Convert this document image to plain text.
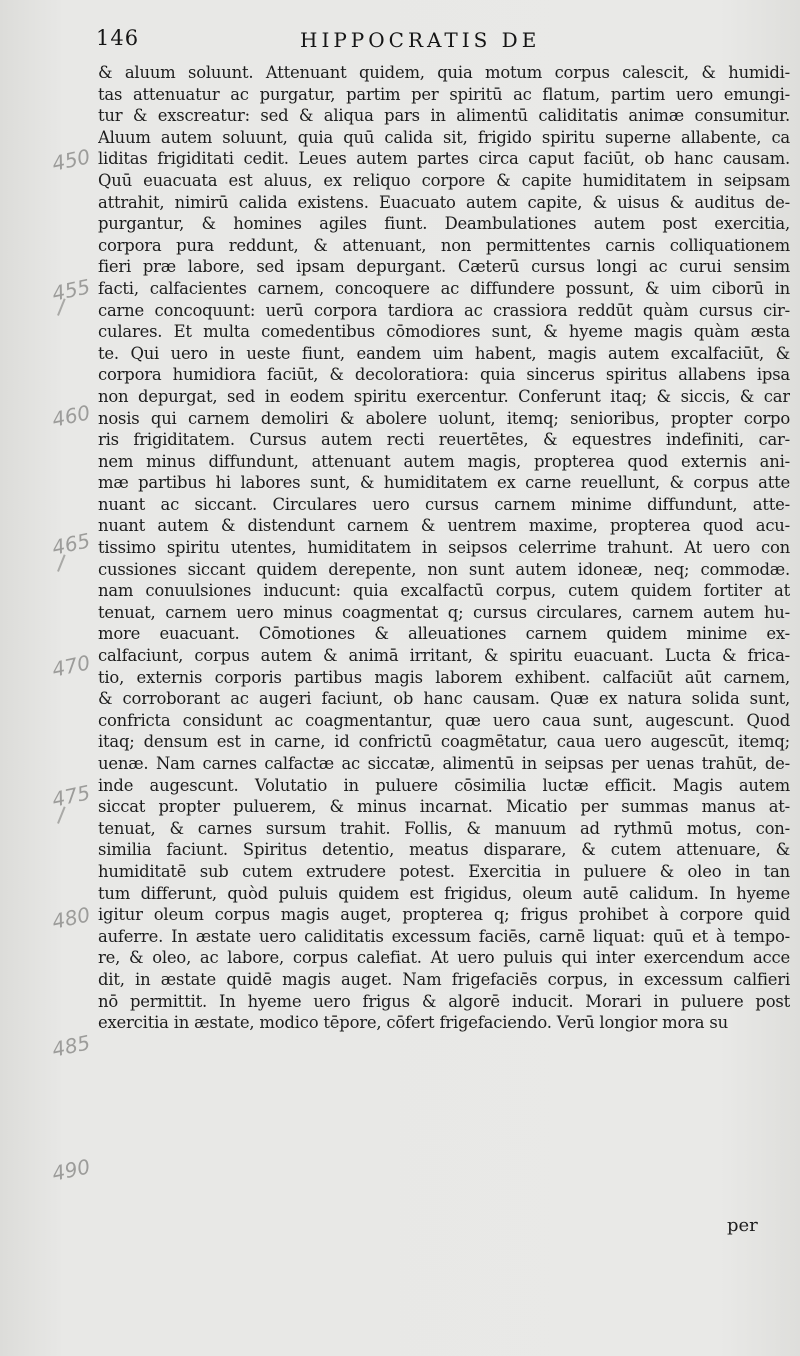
146	HIPPOCRATIS DE
& aluum soluunt. Attenuant quidem, quia motum corpus calescit, & humidi-
tas attenuatur ac purgatur, partim per spiritū ac flatum, partim uero emungi-
tur & exscreatur: sed & aliqua pars in alimentū caliditatis animæ consumitur.
Aluum autem soluunt, quia quū calida sit, frigido spiritu superne allabente, ca
liditas frigiditati cedit. Leues autem partes circa caput faciūt, ob hanc causam.
Quū euacuata est aluus, ex reliquo corpore & capite humiditatem in seipsam
attrahit, nimirū calida existens. Euacuato autem capite, & uisus & auditus de-
purgantur, & homines agiles fiunt. Deambulationes autem post exercitia,
corpora pura reddunt, & attenuant, non permittentes carnis colliquationem
fieri præ labore, sed ipsam depurgant. Cæterū cursus longi ac curui sensim
facti, calfacientes carnem, concoquere ac diffundere possunt, & uim ciborū in
carne concoquunt: uerū corpora tardiora ac crassiora reddūt quàm cursus cir-
culares. Et multa comedentibus cōmodiores sunt, & hyeme magis quàm æsta
te. Qui uero in ueste fiunt, eandem uim habent, magis autem excalfaciūt, &
corpora humidiora faciūt, & decoloratiora: quia sincerus spiritus allabens ipsa
non depurgat, sed in eodem spiritu exercentur. Conferunt itaq; & siccis, & car
nosis qui carnem demoliri & abolere uolunt, itemq; senioribus, propter corpo
ris frigiditatem. Cursus autem recti reuertētes, & equestres indefiniti, car-
nem minus diffundunt, attenuant autem magis, propterea quod externis ani-
mæ partibus hi labores sunt, & humiditatem ex carne reuellunt, & corpus atte
nuant ac siccant. Circulares uero cursus carnem minime diffundunt, atte-
nuant autem & distendunt carnem & uentrem maxime, propterea quod acu-
tissimo spiritu utentes, humiditatem in seipsos celerrime trahunt. At uero con
cussiones siccant quidem derepente, non sunt autem idoneæ, neq; commodæ.
nam conuulsiones inducunt: quia excalfactū corpus, cutem quidem fortiter at
tenuat, carnem uero minus coagmentat q; cursus circulares, carnem autem hu-
more euacuant. Cōmotiones & alleuationes carnem quidem minime ex-
calfaciunt, corpus autem & animā irritant, & spiritu euacuant. Lucta & frica-
tio, externis corporis partibus magis laborem exhibent. calfaciūt aūt carnem,
& corroborant ac augeri faciunt, ob hanc causam. Quæ ex natura solida sunt,
confricta considunt ac coagmentantur, quæ uero caua sunt, augescunt. Quod
itaq; densum est in carne, id confrictū coagmētatur, caua uero augescūt, itemq;
uenæ. Nam carnes calfactæ ac siccatæ, alimentū in seipsas per uenas trahūt, de-
inde augescunt. Volutatio in puluere cōsimilia luctæ efficit. Magis autem
siccat propter puluerem, & minus incarnat. Micatio per summas manus at-
tenuat, & carnes sursum trahit. Follis, & manuum ad rythmū motus, con-
similia faciunt. Spiritus detentio, meatus disparare, & cutem attenuare, &
humiditatē sub cutem extrudere potest. Exercitia in puluere & oleo in tan
tum differunt, quòd puluis quidem est frigidus, oleum autē calidum. In hyeme
igitur oleum corpus magis auget, propterea q; frigus prohibet à corpore quid
auferre. In æstate uero caliditatis excessum faciēs, carnē liquat: quū et à tempo-
re, & oleo, ac labore, corpus calefiat. At uero puluis qui inter exercendum acce
dit, in æstate quidē magis auget. Nam frigefaciēs corpus, in excessum calfieri
nō permittit. In hyeme uero frigus & algorē inducit. Morari in puluere post
exercitia in æstate, modico tēpore, cōfert frigefaciendo. Verū longior mora su
per
450
455
460
465
470
475
480
485
490
